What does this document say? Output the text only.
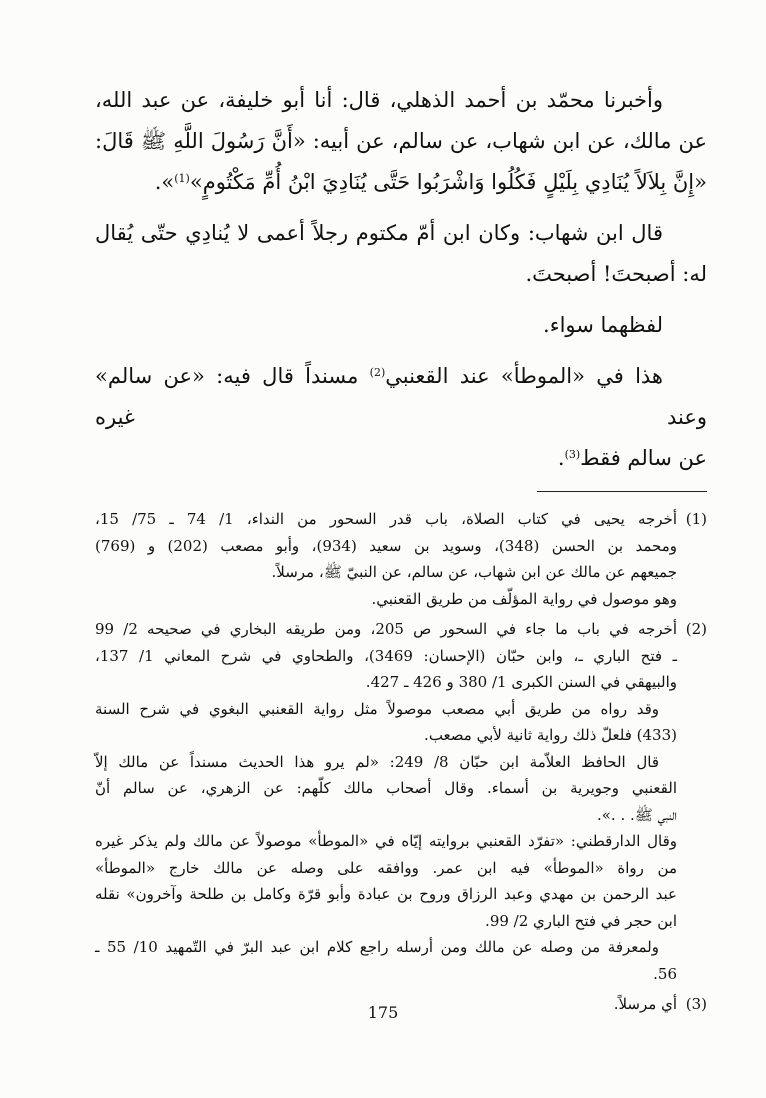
وأخبرنا محمّد بن أحمد الذهلي، قال: أنا أبو خليفة، عن عبد الله،

عن مالك، عن ابن شهاب، عن سالم، عن أبيه: «أَنَّ رَسُولَ اللَّهِ ﷺ قَالَ:

«إِنَّ بِلاَلاً يُنَادِي بِلَيْلٍ فَكُلُوا وَاشْرَبُوا حَتَّى يُنَادِيَ ابْنُ أُمِّ مَكْتُومٍ»$^{(1)}$».

قال ابن شهاب: وكان ابن أمّ مكتوم رجلاً أعمى لا يُنادِي حتّى يُقال

له: أصبحتَ! أصبحتَ.

لفظهما سواء.

هذا في «الموطأ» عند القعنبي$^{(2)}$ مسنداً قال فيه: «عن سالم» وعند غيره

عن سالم فقط$^{(3)}$.

(1)أخرجه يحيى في كتاب الصلاة، باب قدر السحور من النداء، 1/ 74 ـ 75/ 15،

ومحمد بن الحسن (348)، وسويد بن سعيد (934)، وأبو مصعب (202) و (769)

جميعهم عن مالك عن ابن شهاب، عن سالم، عن النبيّ ﷺ، مرسلاً.

وهو موصول في رواية المؤلّف من طريق القعنبي.

(2)أخرجه في باب ما جاء في السحور ص 205، ومن طريقه البخاري في صحيحه 2/ 99

ـ فتح الباري ـ، وابن حبّان (الإحسان: 3469)، والطحاوي في شرح المعاني 1/ 137،

والبيهقي في السنن الكبرى 1/ 380 و 426 ـ 427.

وقد رواه من طريق أبي مصعب موصولاً مثل رواية القعنبي البغوي في شرح السنة

(433) فلعلّ ذلك رواية ثانية لأبي مصعب.

قال الحافظ العلاّمة ابن حبّان 8/ 249: «لم يرو هذا الحديث مسنداً عن مالك إلاّ

القعنبي وجويرية بن أسماء. وقال أصحاب مالك كلّهم: عن الزهري، عن سالم أنّ

النبي ﷺ. . .».

وقال الدارقطني: «تفرّد القعنبي بروايته إيّاه في «الموطأ» موصولاً عن مالك ولم يذكر غيره

من رواة «الموطأ» فيه ابن عمر. ووافقه على وصله عن مالك خارج «الموطأ»

عبد الرحمن بن مهدي وعبد الرزاق وروح بن عبادة وأبو قرّة وكامل بن طلحة وآخرون» نقله

ابن حجر في فتح الباري 2/ 99.

ولمعرفة من وصله عن مالك ومن أرسله راجع كلام ابن عبد البرّ في التّمهيد 10/ 55 ـ

56.

(3)أي مرسلاً.

175
